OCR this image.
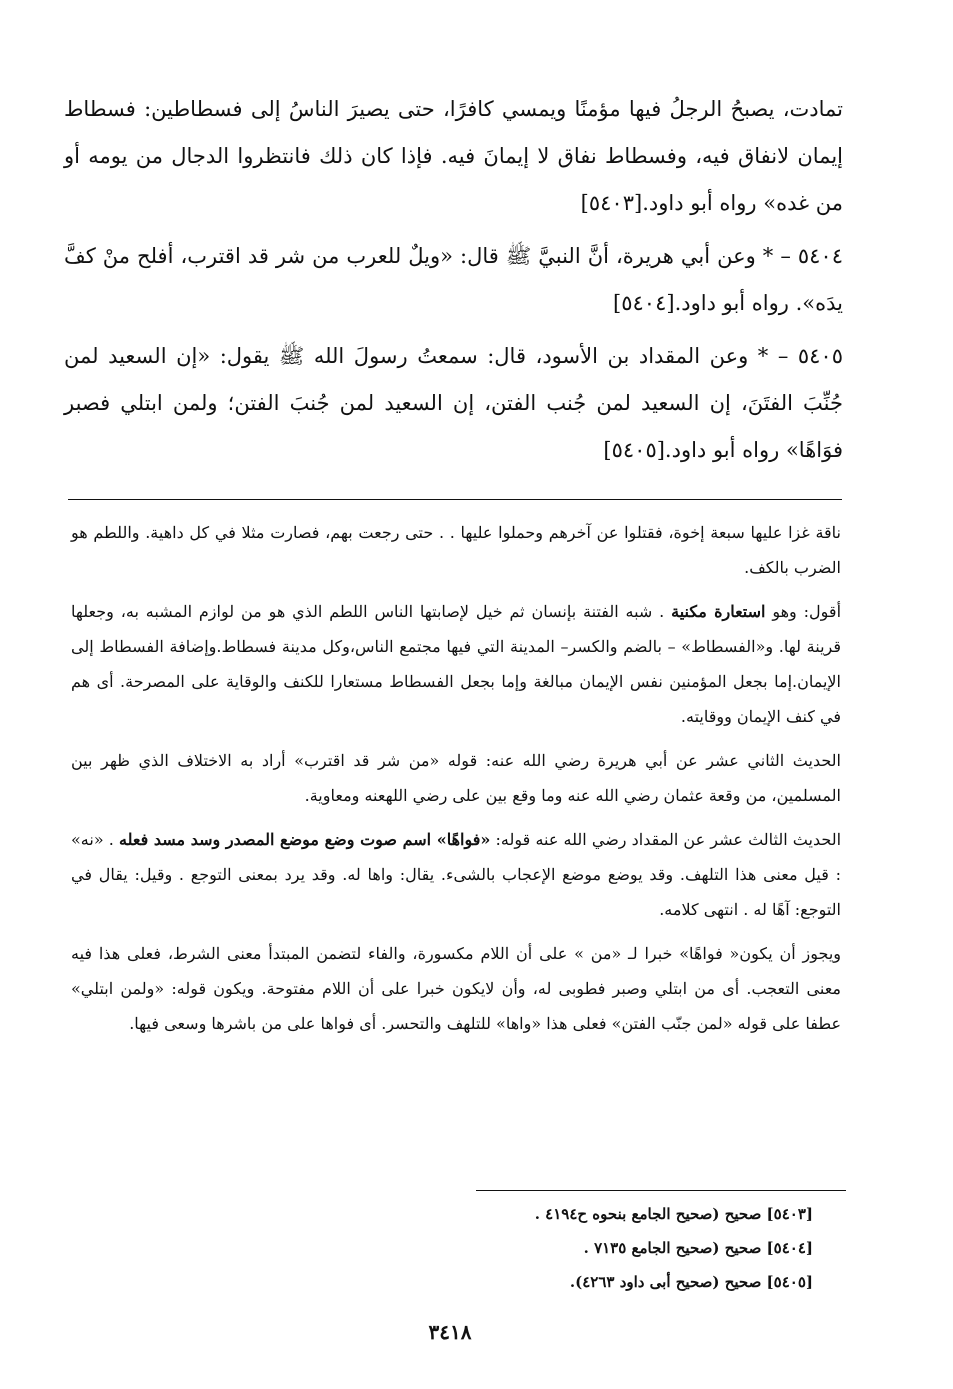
تمادت، يصبحُ الرجلُ فيها مؤمنًا ويمسي كافرًا، حتى يصيرَ الناسُ إلى فسطاطين: فسطاط إيمان لانفاق فيه، وفسطاط نفاق لا إيمانَ فيه. فإذا كان ذلك فانتظروا الدجال من يومه أو من غده» رواه أبو داود.[٥٤٠٣]

٥٤٠٤ – * وعن أبي هريرة، أنَّ النبيَّ ﷺ قال: «ويلٌ للعرب من شر قد اقترب، أفلح منْ كفَّ يدَه». رواه أبو داود.[٥٤٠٤]

٥٤٠٥ – * وعن المقداد بن الأسود، قال: سمعتُ رسولَ الله ﷺ يقول: «إن السعيد لمن جُنِّبَ الفتَنَ، إن السعيد لمن جُنب الفتن، إن السعيد لمن جُنبَ الفتن؛ ولمن ابتلي فصبر فوَاهًا» رواه أبو داود.[٥٤٠٥]

ناقة غزا عليها سبعة إخوة، فقتلوا عن آخرهم وحملوا عليها . . حتى رجعت بهم، فصارت مثلا في كل داهية. واللطم هو الضرب بالكف.

أقول: وهو استعارة مكنية . شبه الفتنة بإنسان ثم خيل لإصابتها الناس اللطم الذي هو من لوازم المشبه به، وجعلها قرينة لها. و«الفسطاط» – بالضم والكسر– المدينة التي فيها مجتمع الناس،وكل مدينة فسطاط.وإضافة الفسطاط إلى الإيمان.إما بجعل المؤمنين نفس الإيمان مبالغة وإما بجعل الفسطاط مستعارا للكنف والوقاية على المصرحة. أى هم في كنف الإيمان ووقايته.

الحديث الثاني عشر عن أبي هريرة رضي الله عنه: قوله «من شر قد اقترب» أراد به الاختلاف الذي ظهر بين المسلمين، من وقعة عثمان رضي الله عنه وما وقع بين على رضي اللهعنه ومعاوية.

الحديث الثالث عشر عن المقداد رضي الله عنه قوله: «فواهًا» اسم صوت وضع موضع المصدر وسد مسد فعله . «نه» : قيل معنى هذا التلهف. وقد يوضع موضع الإعجاب بالشىء. يقال: واها له. وقد يرد بمعنى التوجع . وقيل: يقال في التوجع: آهًا له . انتهى كلامه.

ويجوز أن يكون« فواهًا» خبرا لـ «من » على أن اللام مكسورة، والفاء لتضمن المبتدأ معنى الشرط، فعلى هذا فيه معنى التعجب. أى من ابتلي وصبر فطوبى له، وأن لايكون خبرا على أن اللام مفتوحة. ويكون قوله: «ولمن ابتلي» عطفا على قوله «لمن جنّب الفتن» فعلى هذا «واها» للتلهف والتحسر. أى فواها على من باشرها وسعى فيها.

[٥٤٠٣] صحيح (صحيح الجامع بنحوه ح٤١٩٤ .

[٥٤٠٤] صحيح (صحيح الجامع ٧١٣٥ .

[٥٤٠٥] صحيح (صحيح أبى داود ٤٢٦٣).

٣٤١٨
